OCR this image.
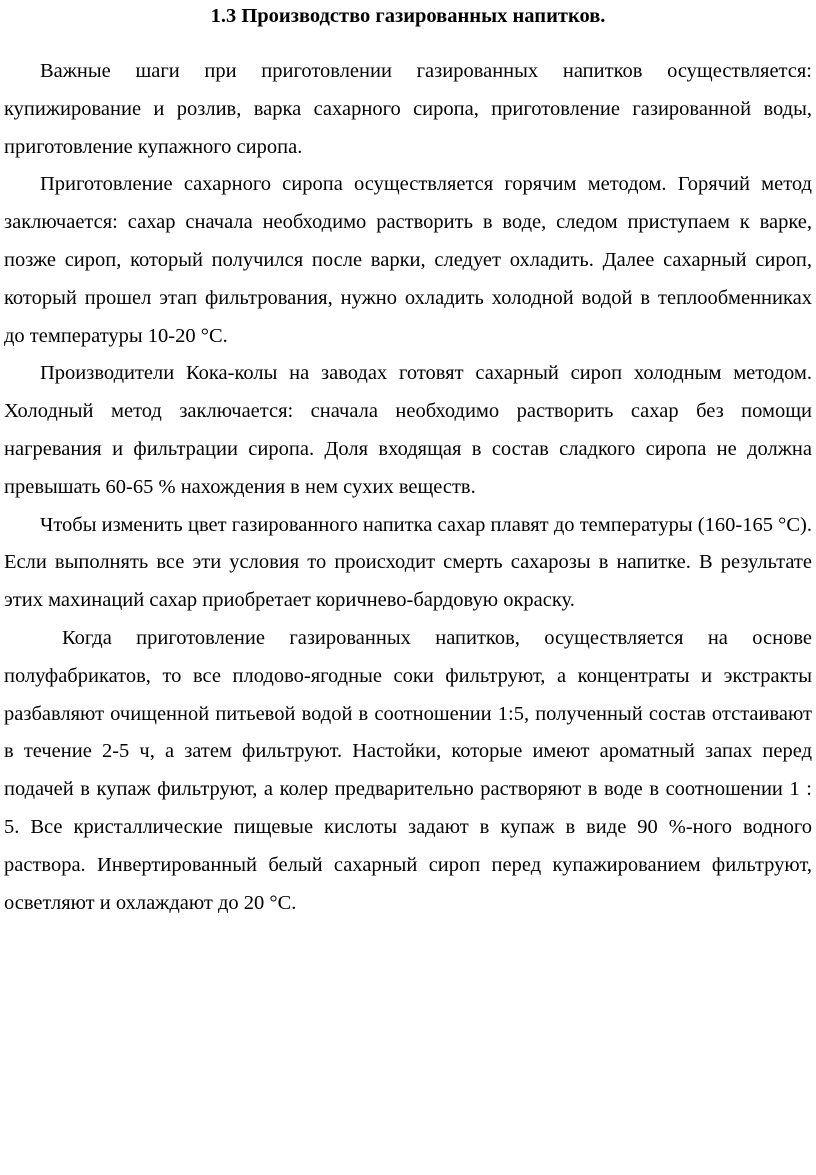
1.3 Производство газированных напитков.

Важные шаги при приготовлении газированных напитков осуществляется: купижирование и розлив, варка сахарного сиропа, приготовление газированной воды, приготовление купажного сиропа.

Приготовление сахарного сиропа осуществляется горячим методом. Горячий метод заключается: сахар сначала необходимо растворить в воде, следом приступаем к варке, позже сироп, который получился после варки, следует охладить. Далее сахарный сироп, который прошел этап фильтрования, нужно охладить холодной водой в теплообменниках до температуры 10-20 °С.

Производители Кока-колы на заводах готовят сахарный сироп холодным методом. Холодный метод заключается: сначала необходимо растворить сахар без помощи нагревания и фильтрации сиропа. Доля входящая в состав сладкого сиропа не должна превышать 60-65 % нахождения в нем сухих веществ.

Чтобы изменить цвет газированного напитка сахар плавят до температуры (160-165 °С). Если выполнять все эти условия то происходит смерть сахарозы в напитке. В результате этих махинаций сахар приобретает коричнево-бардовую окраску.

Когда приготовление газированных напитков, осуществляется на основе полуфабрикатов, то все плодово-ягодные соки фильтруют, а концентраты и экстракты разбавляют очищенной питьевой водой в соотношении 1:5, полученный состав отстаивают в течение 2-5 ч, а затем фильтруют. Настойки, которые имеют ароматный запах перед подачей в купаж фильтруют, а колер предварительно растворяют в воде в соотношении 1 : 5. Все кристаллические пищевые кислоты задают в купаж в виде 90 %-ного водного раствора. Инвертированный белый сахарный сироп перед купажированием фильтруют, осветляют и охлаждают до 20 °С.
